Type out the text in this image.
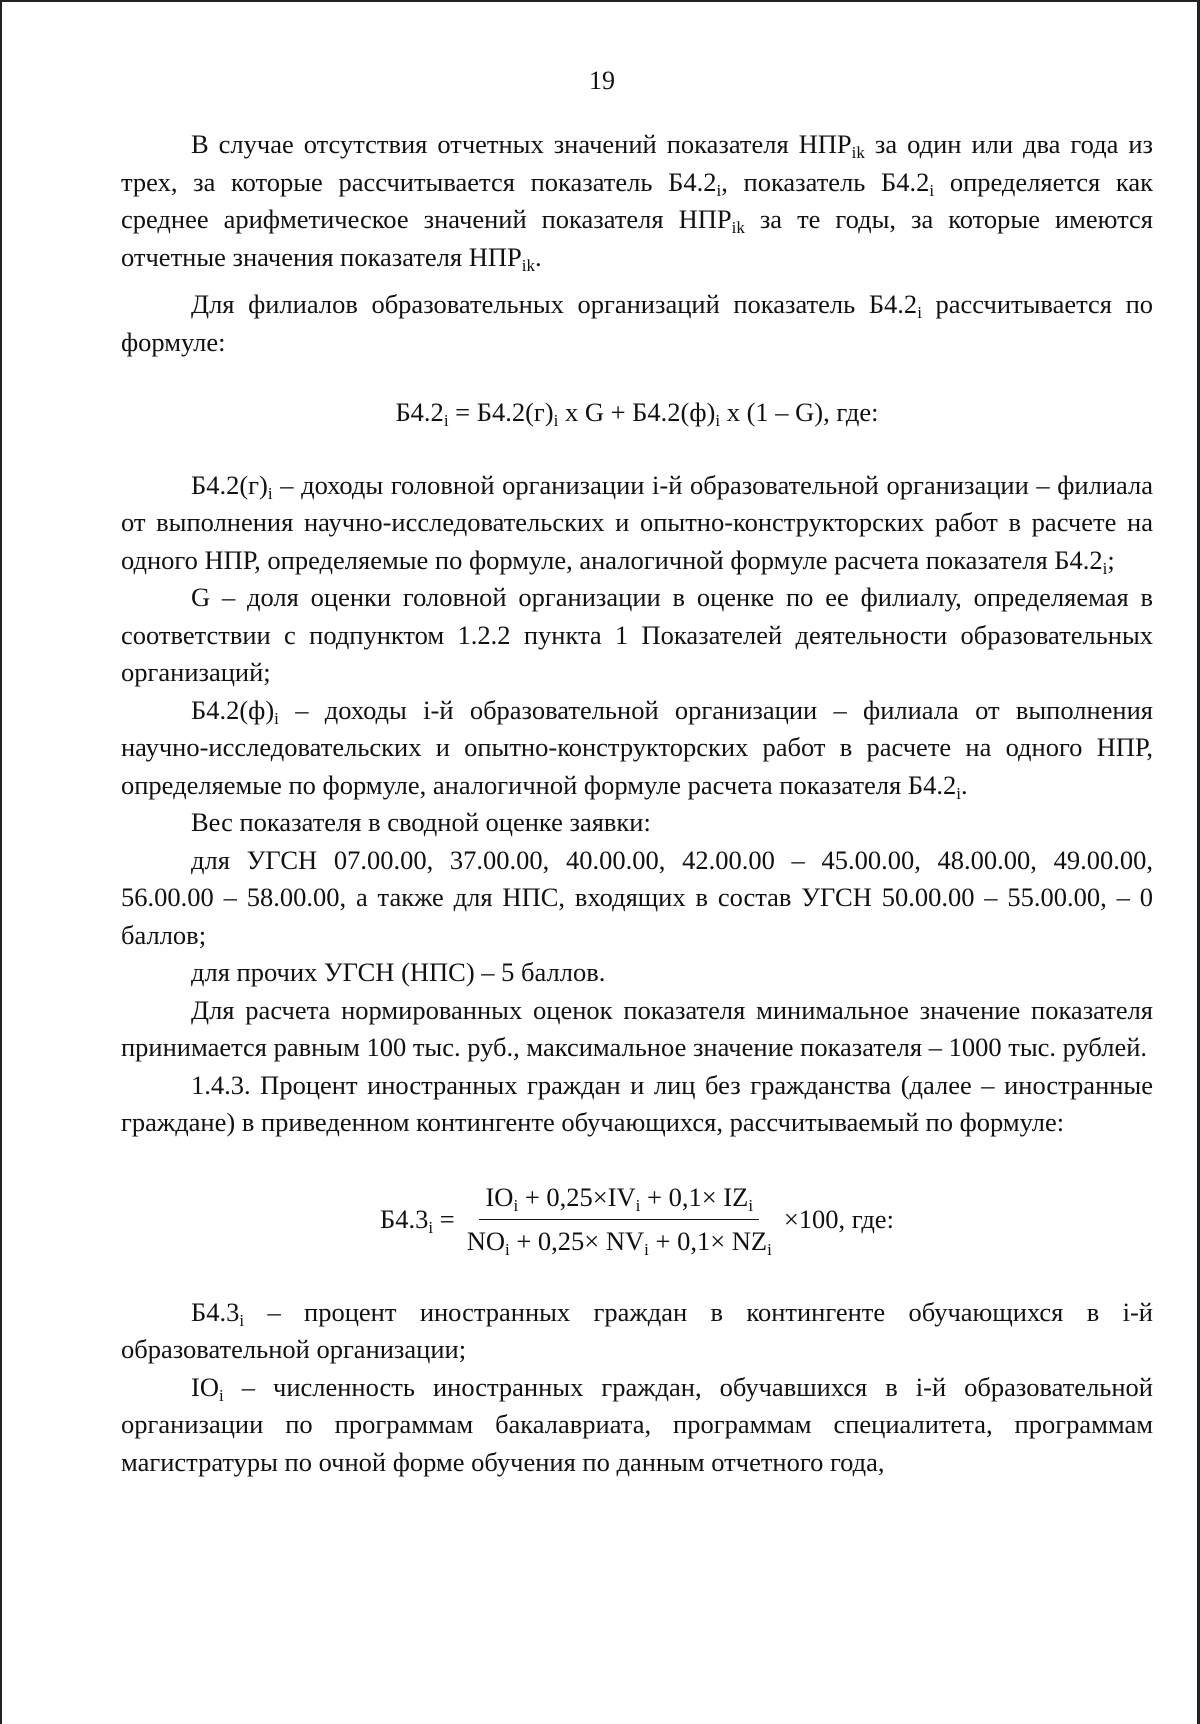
19

В случае отсутствия отчетных значений показателя $НПР_{ik}$ за один или два года из трех, за которые рассчитывается показатель $Б4.2_i$, показатель $Б4.2_i$ определяется как среднее арифметическое значений показателя $НПР_{ik}$ за те годы, за которые имеются отчетные значения показателя $НПР_{ik}$.

Для филиалов образовательных организаций показатель $Б4.2_i$ рассчитывается по формуле:

$Б4.2_i = Б4.2(г)_i$ х $G + Б4.2(ф)_i$ х (1 – G), где:

$Б4.2(г)_i$ – доходы головной организации i-й образовательной организации – филиала от выполнения научно-исследовательских и опытно-конструкторских работ в расчете на одного НПР, определяемые по формуле, аналогичной формуле расчета показателя $Б4.2_i$;

G – доля оценки головной организации в оценке по ее филиалу, определяемая в соответствии с подпунктом 1.2.2 пункта 1 Показателей деятельности образовательных организаций;

$Б4.2(ф)_i$ – доходы i-й образовательной организации – филиала от выполнения научно-исследовательских и опытно-конструкторских работ в расчете на одного НПР, определяемые по формуле, аналогичной формуле расчета показателя $Б4.2_i$.

Вес показателя в сводной оценке заявки:

для УГСН 07.00.00, 37.00.00, 40.00.00, 42.00.00 – 45.00.00, 48.00.00, 49.00.00, 56.00.00 – 58.00.00, а также для НПС, входящих в состав УГСН 50.00.00 – 55.00.00, – 0 баллов;

для прочих УГСН (НПС) – 5 баллов.

Для расчета нормированных оценок показателя минимальное значение показателя принимается равным 100 тыс. руб., максимальное значение показателя – 1000 тыс. рублей.

1.4.3. Процент иностранных граждан и лиц без гражданства (далее – иностранные граждане) в приведенном контингенте обучающихся, рассчитываемый по формуле:

$Б4.3_i = \frac{IO_i + 0,25\times IV_i + 0,1\times IZ_i}{NO_i + 0,25\times NV_i + 0,1\times NZ_i} \times 100$, где:

$Б4.3_i$ – процент иностранных граждан в контингенте обучающихся в i-й образовательной организации;

$IO_i$ – численность иностранных граждан, обучавшихся в i-й образовательной организации по программам бакалавриата, программам специалитета, программам магистратуры по очной форме обучения по данным отчетного года,
